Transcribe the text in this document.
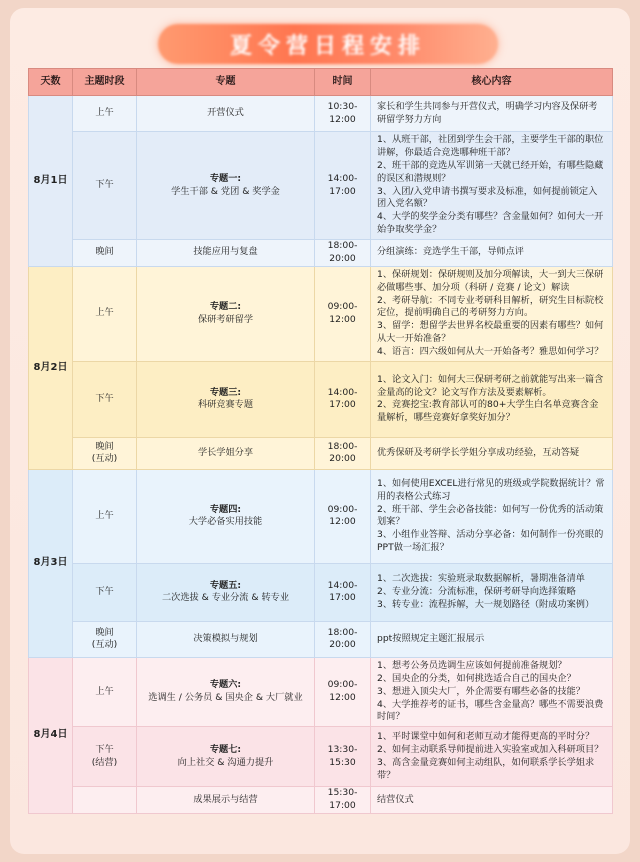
夏令营日程安排
天数	主题时段	专题	时间	核心内容
8月1日	上午	开营仪式	10:30-12:00	家长和学生共同参与开营仪式，明确学习内容及保研考研留学努力方向

	下午	专题一:
学生干部 & 党团 & 奖学金	14:00-17:00	1、从班干部，社团到学生会干部，主要学生干部的职位讲解，你最适合竞选哪种班干部？
2、班干部的竞选从军训第一天就已经开始，有哪些隐藏的误区和潜规则？
3、入团/入党申请书撰写要求及标准，如何提前锁定入团入党名额？
4、大学的奖学金分类有哪些？含金量如何？如何大一开始争取奖学金？

	晚间	技能应用与复盘	18:00-20:00	分组演练：竞选学生干部，导师点评

8月2日	上午	专题二:
保研考研留学	09:00-12:00	1、保研规划：保研规则及加分项解读，大一到大三保研必做哪些事、加分项（科研 / 竞赛 / 论文）解读
2、考研导航：不同专业考研科目解析，研究生目标院校定位，提前明确自己的考研努力方向。
3、留学：想留学去世界名校最重要的因素有哪些？如何从大一开始准备？
4、语言：四六级如何从大一开始备考？雅思如何学习？

	下午	专题三:
科研竞赛专题	14:00-17:00	1、论文入门：如何大三保研考研之前就能写出来一篇含金量高的论文？论文写作方法及要素解析。
2、竞赛挖宝:教育部认可的80+大学生白名单竞赛含金量解析，哪些竞赛好拿奖好加分？

	晚间
(互动)	学长学姐分享	18:00-20:00	优秀保研及考研学长学姐分享成功经验，互动答疑

8月3日	上午	专题四:
大学必备实用技能	09:00-12:00	1、如何使用EXCEL进行常见的班级或学院数据统计？常用的表格公式练习
2、班干部、学生会必备技能：如何写一份优秀的活动策划案？
3、小组作业答辩、活动分享必备：如何制作一份亮眼的PPT做一场汇报？

	下午	专题五:
二次选拔 & 专业分流 & 转专业	14:00-17:00	1、二次选拔：实验班录取数据解析，暑期准备清单
2、专业分流：分流标准，保研考研导向选择策略
3、转专业：流程拆解，大一规划路径（附成功案例）

	晚间
(互动)	决策模拟与规划	18:00-20:00	ppt按照规定主题汇报展示

8月4日	上午	专题六:
选调生 / 公务员 & 国央企 & 大厂就业	09:00-12:00	1、想考公务员选调生应该如何提前准备规划？
2、国央企的分类，如何挑选适合自己的国央企？
3、想进入顶尖大厂，外企需要有哪些必备的技能？
4、大学推荐考的证书，哪些含金量高？哪些不需要浪费时间？

	下午
(结营)	专题七:
向上社交 & 沟通力提升	13:30-15:30	1、平时课堂中如何和老师互动才能得更高的平时分？
2、如何主动联系导师提前进入实验室或加入科研项目？
3、高含金量竞赛如何主动组队，如何联系学长学姐求带？

		成果展示与结营	15:30-17:00	结营仪式
